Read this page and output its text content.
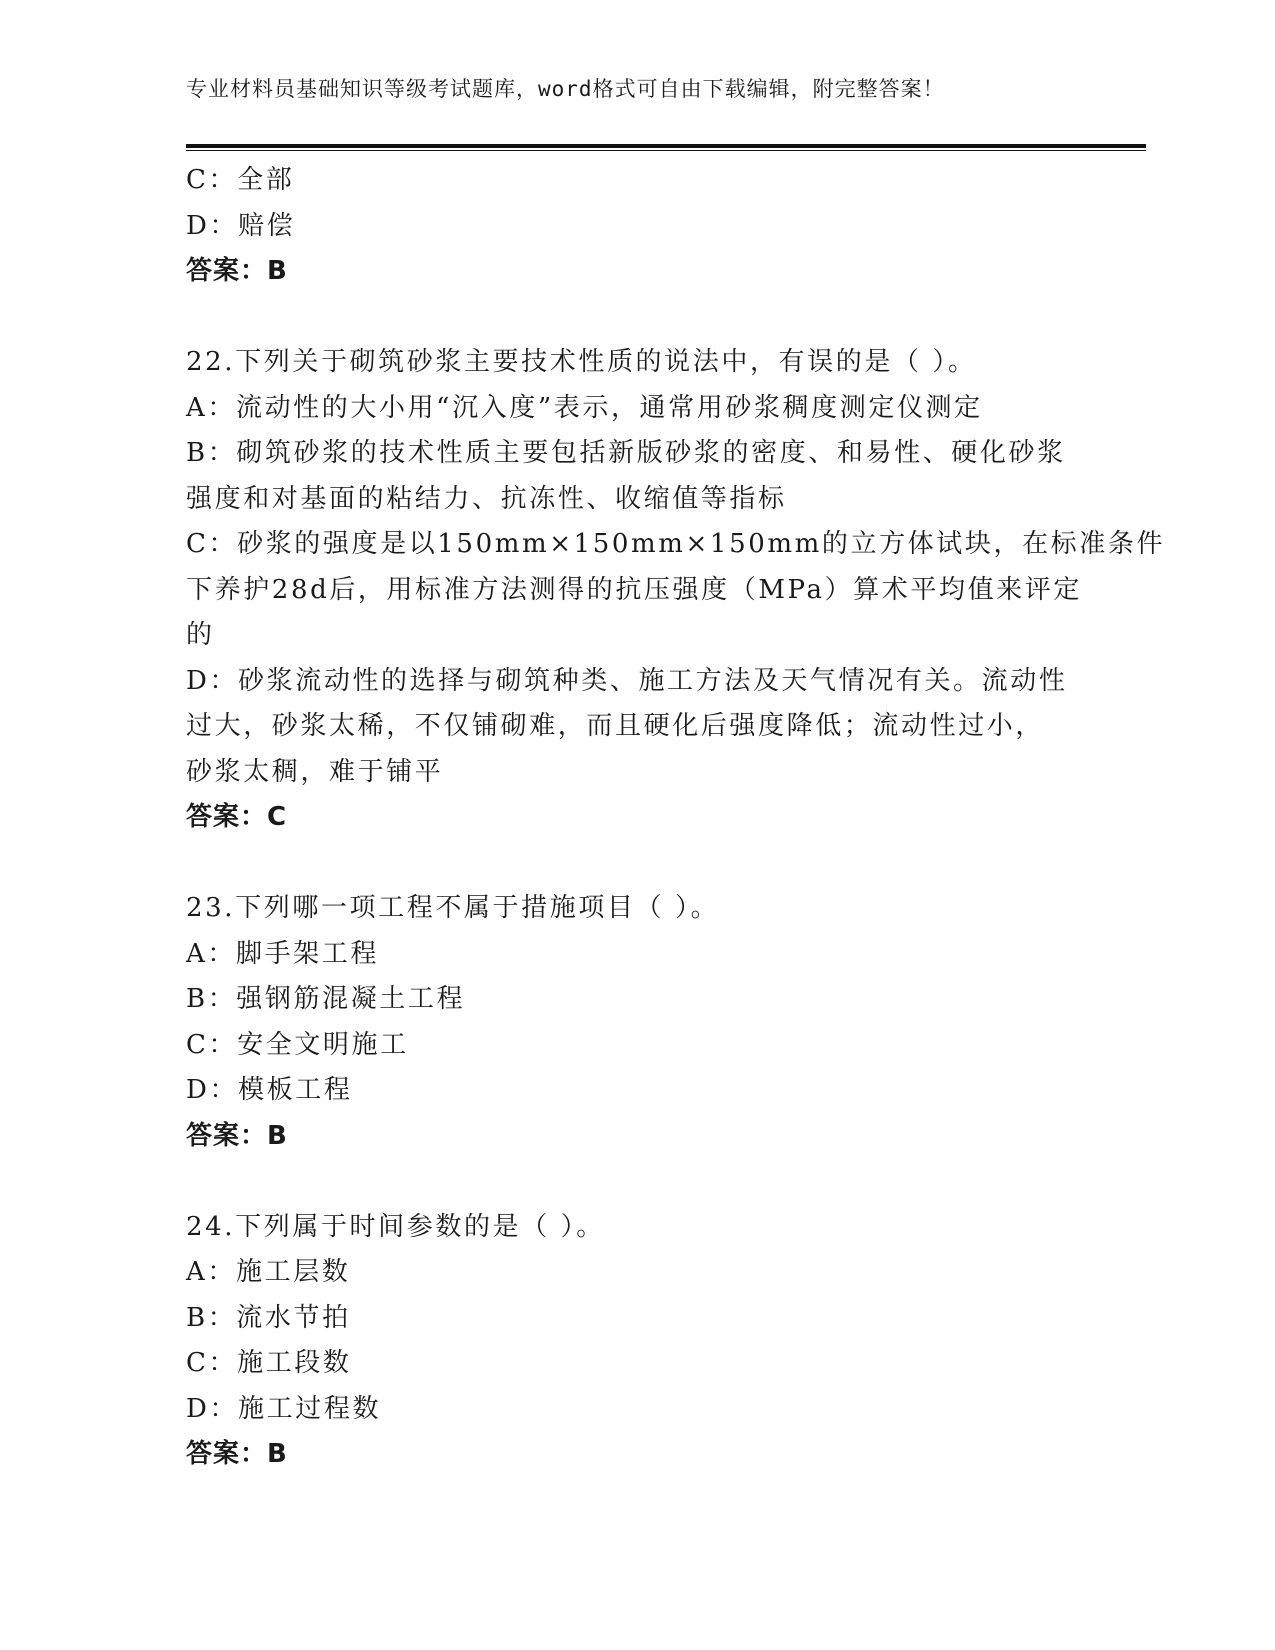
专业材料员基础知识等级考试题库，word格式可自由下载编辑，附完整答案！
C：全部
D：赔偿
答案：B
22.下列关于砌筑砂浆主要技术性质的说法中，有误的是（ ）。
A：流动性的大小用“沉入度”表示，通常用砂浆稠度测定仪测定
B：砌筑砂浆的技术性质主要包括新版砂浆的密度、和易性、硬化砂浆
强度和对基面的粘结力、抗冻性、收缩值等指标
C：砂浆的强度是以150mm×150mm×150mm的立方体试块，在标准条件
下养护28d后，用标准方法测得的抗压强度（MPa）算术平均值来评定
的
D：砂浆流动性的选择与砌筑种类、施工方法及天气情况有关。流动性
过大，砂浆太稀，不仅铺砌难，而且硬化后强度降低；流动性过小，
砂浆太稠，难于铺平
答案：C
23.下列哪一项工程不属于措施项目（ ）。
A：脚手架工程
B：强钢筋混凝土工程
C：安全文明施工
D：模板工程
答案：B
24.下列属于时间参数的是（ ）。
A：施工层数
B：流水节拍
C：施工段数
D：施工过程数
答案：B
